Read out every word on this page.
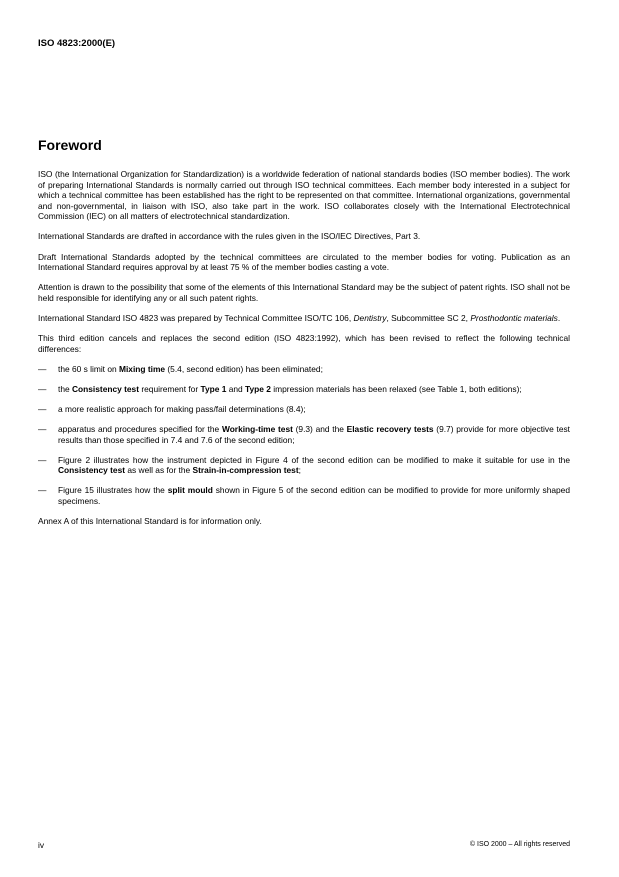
ISO 4823:2000(E)
Foreword

ISO (the International Organization for Standardization) is a worldwide federation of national standards bodies (ISO member bodies). The work of preparing International Standards is normally carried out through ISO technical committees. Each member body interested in a subject for which a technical committee has been established has the right to be represented on that committee. International organizations, governmental and non-governmental, in liaison with ISO, also take part in the work. ISO collaborates closely with the International Electrotechnical Commission (IEC) on all matters of electrotechnical standardization.

International Standards are drafted in accordance with the rules given in the ISO/IEC Directives, Part 3.

Draft International Standards adopted by the technical committees are circulated to the member bodies for voting. Publication as an International Standard requires approval by at least 75 % of the member bodies casting a vote.

Attention is drawn to the possibility that some of the elements of this International Standard may be the subject of patent rights. ISO shall not be held responsible for identifying any or all such patent rights.

International Standard ISO 4823 was prepared by Technical Committee ISO/TC 106, Dentistry, Subcommittee SC 2, Prosthodontic materials.

This third edition cancels and replaces the second edition (ISO 4823:1992), which has been revised to reflect the following technical differences:

—	the 60 s limit on Mixing time (5.4, second edition) has been eliminated;
—	the Consistency test requirement for Type 1 and Type 2 impression materials has been relaxed (see Table 1, both editions);
—	a more realistic approach for making pass/fail determinations (8.4);
—	apparatus and procedures specified for the Working-time test (9.3) and the Elastic recovery tests (9.7) provide for more objective test results than those specified in 7.4 and 7.6 of the second edition;
—	Figure 2 illustrates how the instrument depicted in Figure 4 of the second edition can be modified to make it suitable for use in the Consistency test as well as for the Strain-in-compression test;
—	Figure 15 illustrates how the split mould shown in Figure 5 of the second edition can be modified to provide for more uniformly shaped specimens.

Annex A of this International Standard is for information only.

iv	© ISO 2000 – All rights reserved
